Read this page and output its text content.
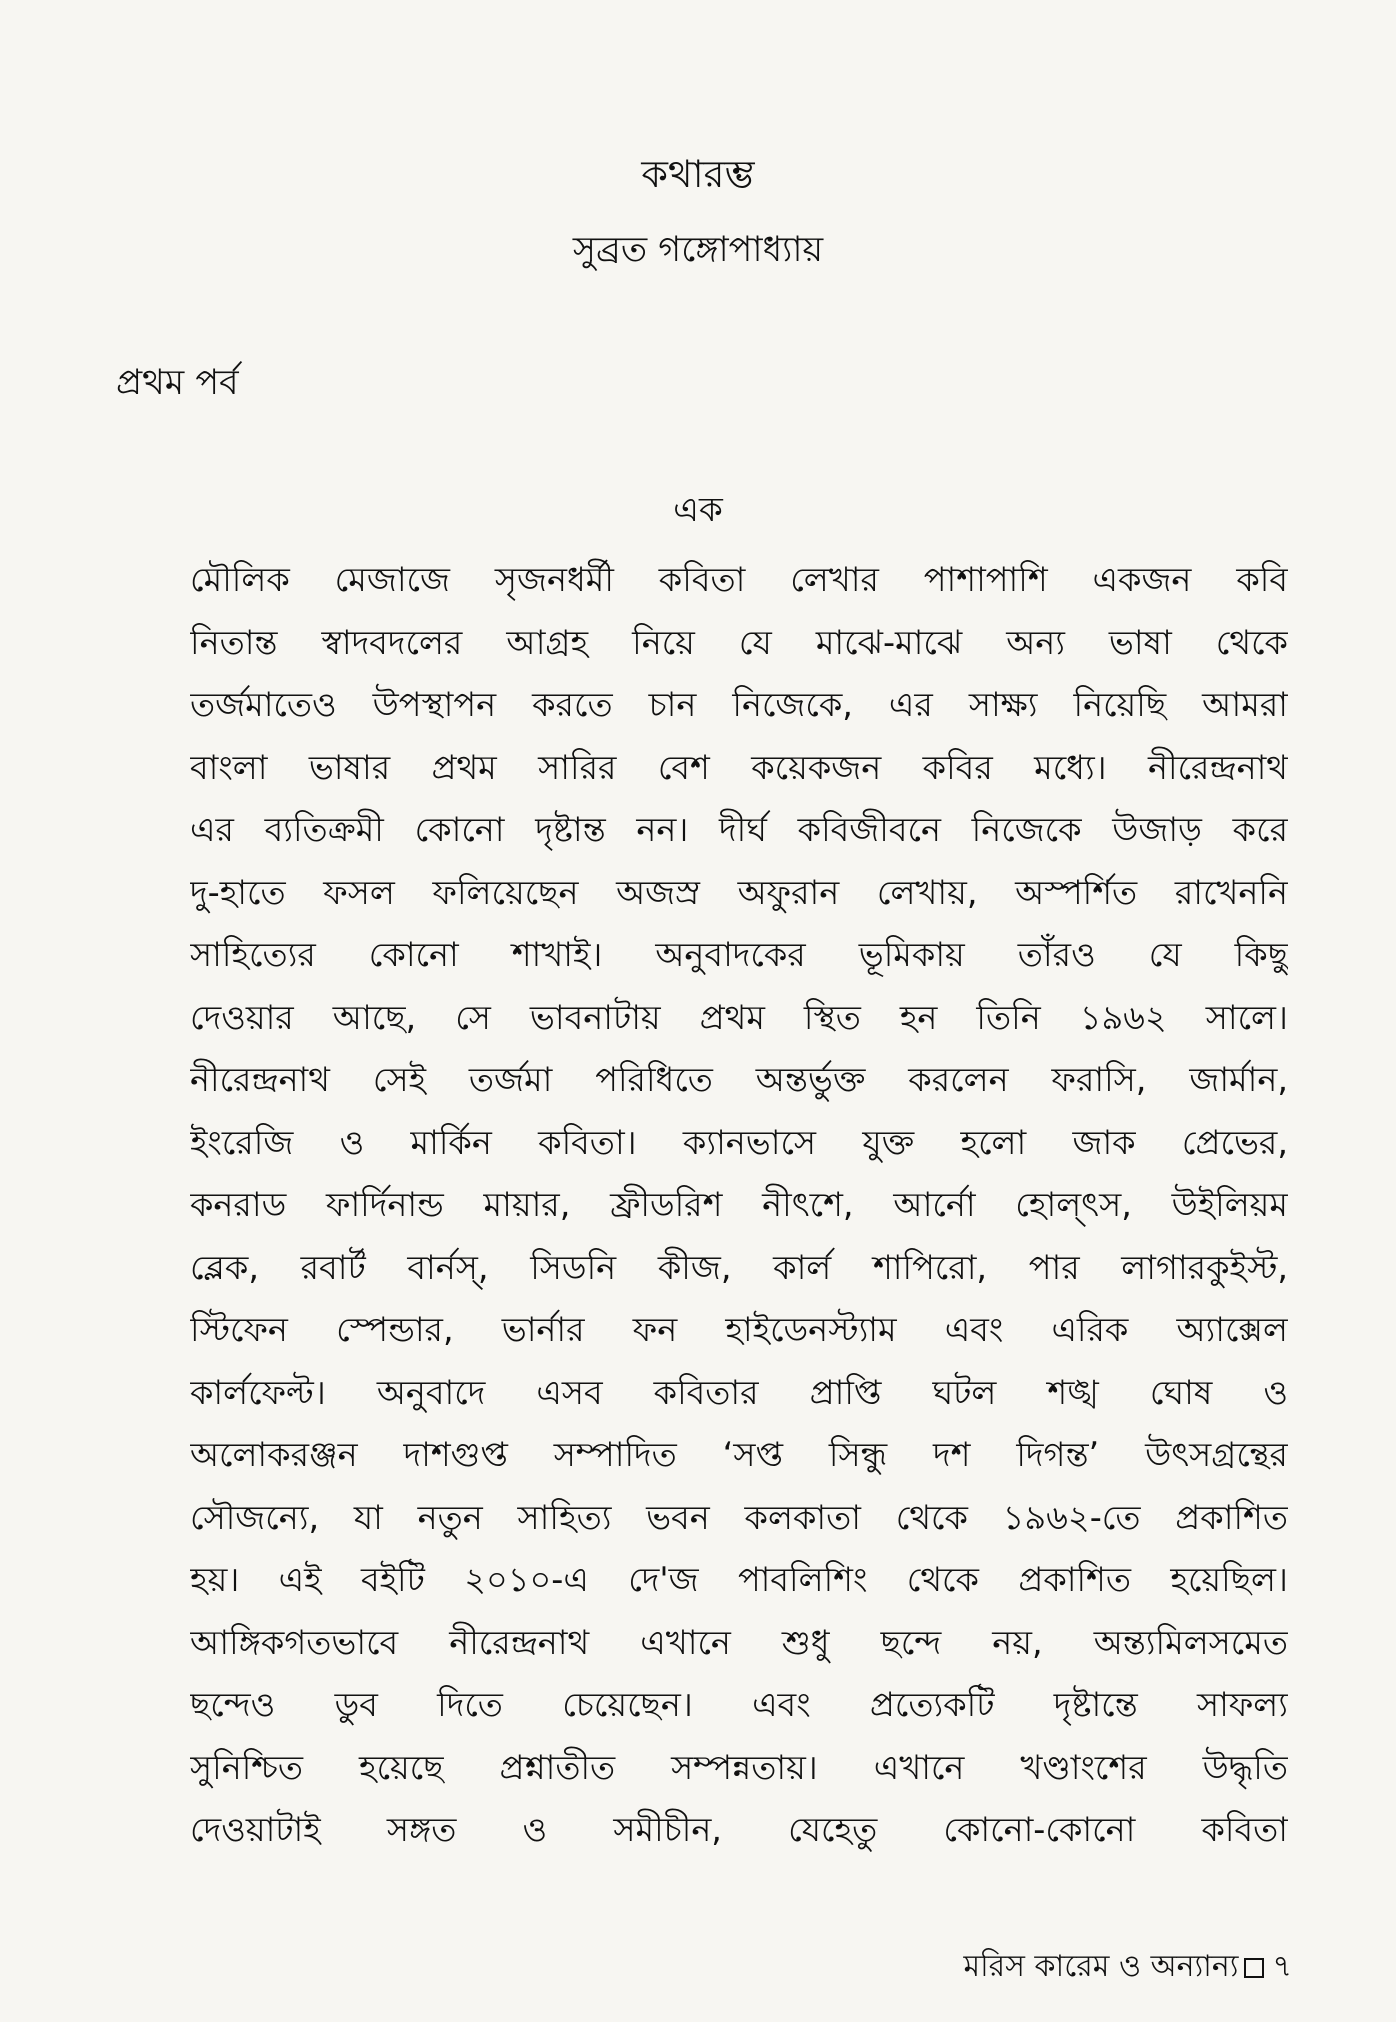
কথারম্ভ
সুব্রত গঙ্গোপাধ্যায়
প্রথম পর্ব
এক
মৌলিক মেজাজে সৃজনধর্মী কবিতা লেখার পাশাপাশি একজন কবি
নিতান্ত স্বাদবদলের আগ্রহ নিয়ে যে মাঝে-মাঝে অন্য ভাষা থেকে
তর্জমাতেও উপস্থাপন করতে চান নিজেকে, এর সাক্ষ্য নিয়েছি আমরা
বাংলা ভাষার প্রথম সারির বেশ কয়েকজন কবির মধ্যে। নীরেন্দ্রনাথ
এর ব্যতিক্রমী কোনো দৃষ্টান্ত নন। দীর্ঘ কবিজীবনে নিজেকে উজাড় করে
দু-হাতে ফসল ফলিয়েছেন অজস্র অফুরান লেখায়, অস্পর্শিত রাখেননি
সাহিত্যের কোনো শাখাই। অনুবাদকের ভূমিকায় তাঁরও যে কিছু
দেওয়ার আছে, সে ভাবনাটায় প্রথম স্থিত হন তিনি ১৯৬২ সালে।
নীরেন্দ্রনাথ সেই তর্জমা পরিধিতে অন্তর্ভুক্ত করলেন ফরাসি, জার্মান,
ইংরেজি ও মার্কিন কবিতা। ক্যানভাসে যুক্ত হলো জাক প্রেভের,
কনরাড ফার্দিনান্ড মায়ার, ফ্রীডরিশ নীৎশে, আর্নো হোল্ৎস, উইলিয়ম
ব্লেক, রবার্ট বার্নস্, সিডনি কীজ, কার্ল শাপিরো, পার লাগারকুইস্ট,
স্টিফেন স্পেন্ডার, ভার্নার ফন হাইডেনস্ট্যাম এবং এরিক অ্যাক্সেল
কার্লফেল্ট। অনুবাদে এসব কবিতার প্রাপ্তি ঘটল শঙ্খ ঘোষ ও
অলোকরঞ্জন দাশগুপ্ত সম্পাদিত ‘সপ্ত সিন্ধু দশ দিগন্ত’ উৎসগ্রন্থের
সৌজন্যে, যা নতুন সাহিত্য ভবন কলকাতা থেকে ১৯৬২-তে প্রকাশিত
হয়। এই বইটি ২০১০-এ দে'জ পাবলিশিং থেকে প্রকাশিত হয়েছিল।
আঙ্গিকগতভাবে নীরেন্দ্রনাথ এখানে শুধু ছন্দে নয়, অন্ত্যমিলসমেত
ছন্দেও ডুব দিতে চেয়েছেন। এবং প্রত্যেকটি দৃষ্টান্তে সাফল্য
সুনিশ্চিত হয়েছে প্রশ্নাতীত সম্পন্নতায়। এখানে খণ্ডাংশের উদ্ধৃতি
দেওয়াটাই সঙ্গত ও সমীচীন, যেহেতু কোনো-কোনো কবিতা
মরিস কারেম ও অন্যান্য ৭
